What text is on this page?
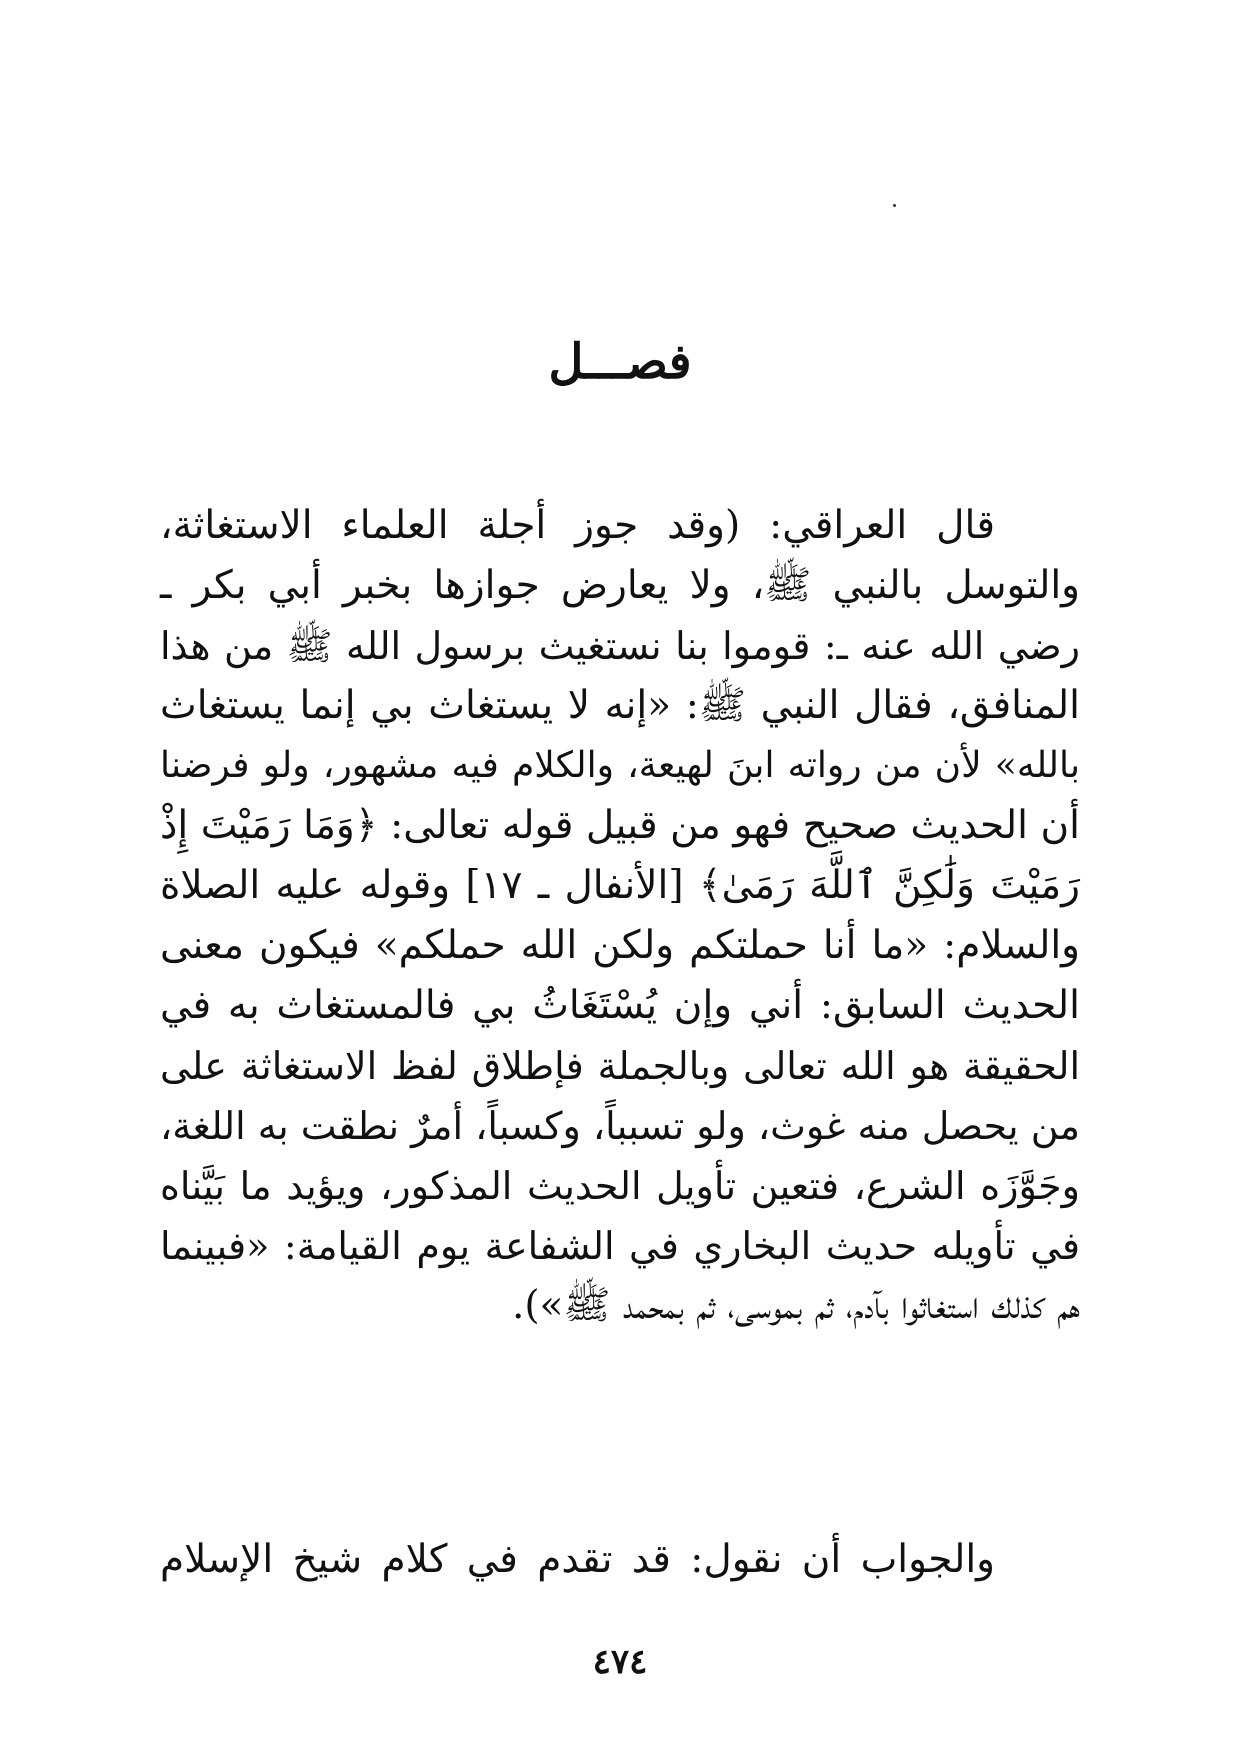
فصـــل
قال العراقي: (وقد جوز أجلة العلماء الاستغاثة،
والتوسل بالنبي ﷺ، ولا يعارض جوازها بخبر أبي بكر ـ
رضي الله عنه ـ: قوموا بنا نستغيث برسول الله ﷺ من هذا
المنافق، فقال النبي ﷺ: «إنه لا يستغاث بي إنما يستغاث
بالله» لأن من رواته ابنَ لهيعة، والكلام فيه مشهور، ولو فرضنا
أن الحديث صحيح فهو من قبيل قوله تعالى: ﴿وَمَا رَمَيْتَ إِذْ
رَمَيْتَ وَلَٰكِنَّ ٱللَّهَ رَمَىٰ﴾ [الأنفال ـ ١٧] وقوله عليه الصلاة
والسلام: «ما أنا حملتكم ولكن الله حملكم» فيكون معنى
الحديث السابق: أني وإن يُسْتَغَاثُ بي فالمستغاث به في
الحقيقة هو الله تعالى وبالجملة فإطلاق لفظ الاستغاثة على
من يحصل منه غوث، ولو تسبباً، وكسباً، أمرٌ نطقت به اللغة،
وجَوَّزَه الشرع، فتعين تأويل الحديث المذكور، ويؤيد ما بَيَّناه
في تأويله حديث البخاري في الشفاعة يوم القيامة: «فبينما
هم كذلك استغاثوا بآدم، ثم بموسى، ثم بمحمد ﷺ»).
والجواب أن نقول: قد تقدم في كلام شيخ الإسلام
٤٧٤
